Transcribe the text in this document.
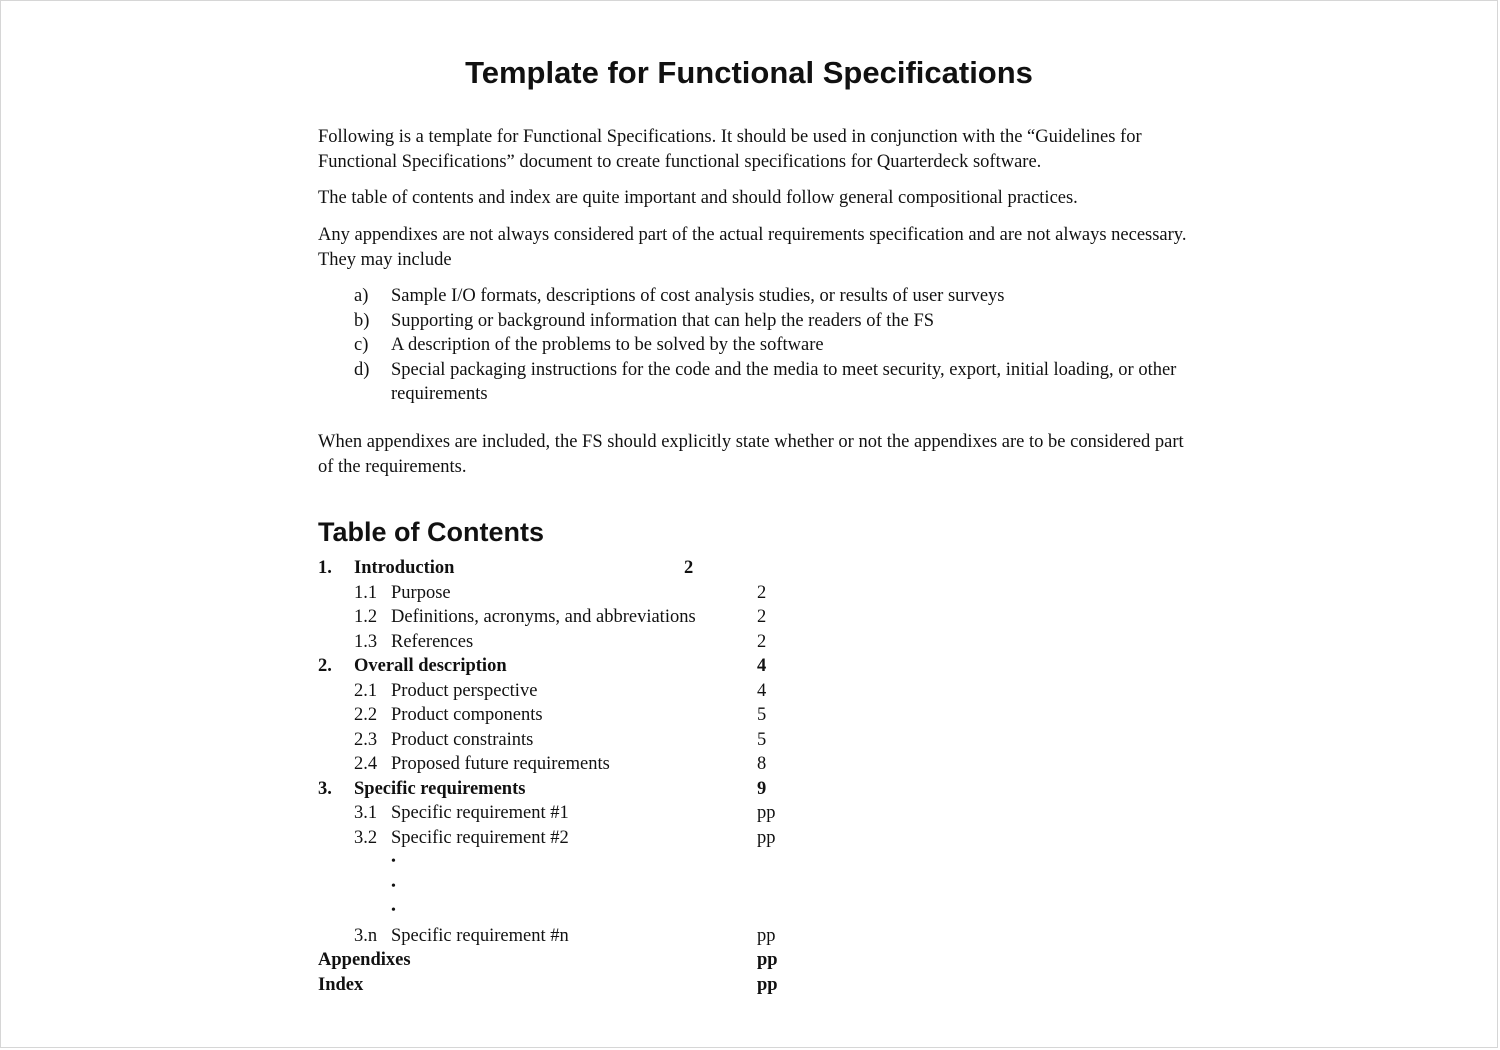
Template for Functional Specifications

Following is a template for Functional Specifications. It should be used in conjunction with the “Guidelines for Functional Specifications” document to create functional specifications for Quarterdeck software.

The table of contents and index are quite important and should follow general compositional practices.

Any appendixes are not always considered part of the actual requirements specification and are not always necessary. They may include

a) Sample I/O formats, descriptions of cost analysis studies, or results of user surveys
b) Supporting or background information that can help the readers of the FS
c) A description of the problems to be solved by the software
d) Special packaging instructions for the code and the media to meet security, export, initial loading, or other requirements

When appendixes are included, the FS should explicitly state whether or not the appendixes are to be considered part of the requirements.

Table of Contents
1. Introduction	2
1.1 Purpose	2
1.2 Definitions, acronyms, and abbreviations	2
1.3 References	2
2. Overall description	4
2.1 Product perspective	4
2.2 Product components	5
2.3 Product constraints	5
2.4 Proposed future requirements	8
3. Specific requirements	9
3.1 Specific requirement #1	pp
3.2 Specific requirement #2	pp
•
•
•
3.n Specific requirement #n	pp
Appendixes	pp
Index	pp
